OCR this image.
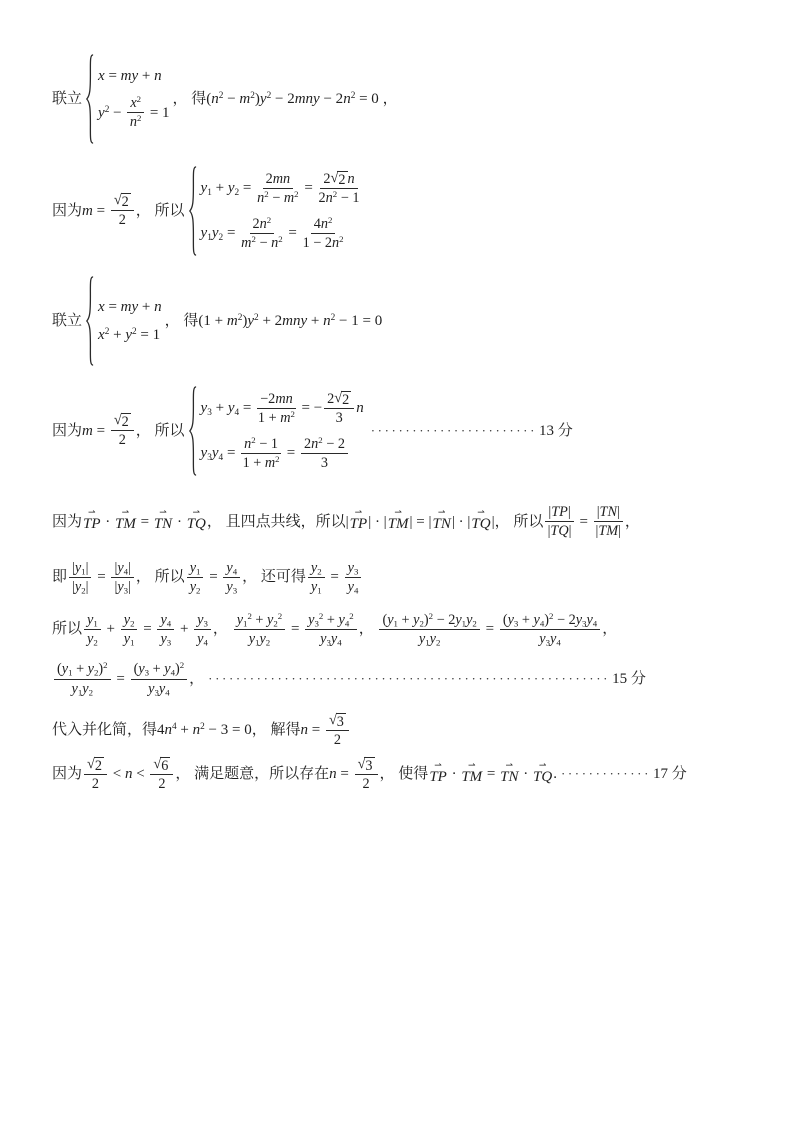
联立
x = my + n
$y^2 - \frac{x^2}{n^2} = 1$
， 得 $(n^2 - m^2)y^2 - 2mny - 2n^2 = 0$ ，
因为 $m = \frac{√ 2}{2}$ ， 所以
$y_1 + y_2 = \frac{2mn}{n^2 - m^2} = \frac{2 √ 2 n}{2n^2 - 1}$
$y_1y_2 = \frac{2n^2}{m^2 - n^2} = \frac{4n^2}{1 - 2n^2}$
联立
x = my + n
$x^2 + y^2 = 1$
， 得 $(1 + m^2)y^2 + 2mny + n^2 - 1 = 0$
因为 $m = \frac{√ 2}{2}$ ， 所以
$y_3 + y_4 = \frac{-2mn}{1 + m^2}$ = − $\frac{2 √ 2}{3}$ n
$y_3y_4 = \frac{n^2 - 1}{1 + m^2} = \frac{2n^2 - 2}{3}$
························ 13 分
因为
⇀
TP ·
⇀
TM =
⇀
TN ·
⇀
TQ ， 且四点共线，所以 |
⇀
TP | · |
⇀
TM | = |
⇀
TN | · |
⇀
TQ | ， 所以 $\frac{|TP|}{|TQ|} = \frac{|TN|}{|TM|}$ ，
即 $\frac{|y_1|}{|y_2|} = \frac{|y_4|}{|y_3|}$ ， 所以 $\frac{y_1}{y_2} = \frac{y_4}{y_3}$ ， 还可得 $\frac{y_2}{y_1} = \frac{y_3}{y_4}$
所以 $\frac{y_1}{y_2} + \frac{y_2}{y_1} = \frac{y_4}{y_3} + \frac{y_3}{y_4}$ ， $\frac{y_1^2 + y_2^2}{y_1y_2} = \frac{y_3^2 + y_4^2}{y_3y_4}$ ， $\frac{(y_1 + y_2)^2 - 2y_1y_2}{y_1y_2} = \frac{(y_3 + y_4)^2 - 2y_3y_4}{y_3y_4}$ ，
$\frac{(y_1 + y_2)^2}{y_1y_2} = \frac{(y_3 + y_4)^2}{y_3y_4}$ ， ·························································· 15 分
代入并化简，得 $4n^4 + n^2 - 3 = 0$ ， 解得 $n = \frac{√ 3}{2}$
因为 $\frac{√ 2}{2} < n < \frac{√ 6}{2}$ ， 满足题意，所以存在 $n = \frac{√ 3}{2}$ ， 使得
⇀
TP ·
⇀
TM =
⇀
TN ·
⇀
TQ . ············· 17 分
